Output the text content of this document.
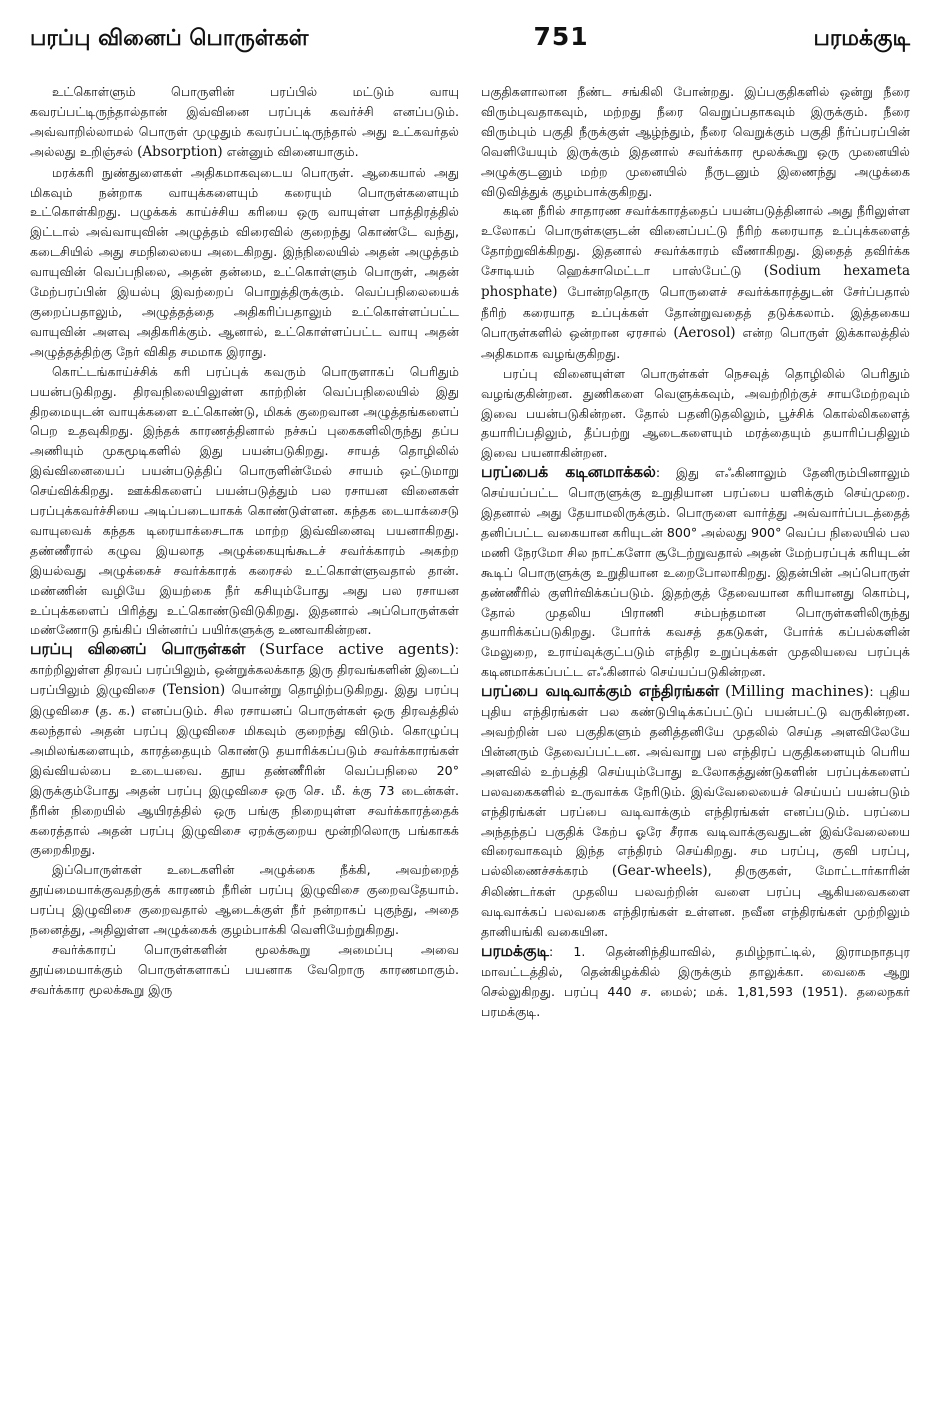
பரப்பு வினைப் பொருள்கள்	751	பரமக்குடி

உட்கொள்ளும் பொருளின் பரப்பில் மட்டும் வாயு கவரப்பட்டிருந்தால்தான் இவ்வினை பரப்புக் கவர்ச்சி எனப்படும். அவ்வாறில்லாமல் பொருள் முழுதும் கவரப்பட்டிருந்தால் அது உட்கவர்தல் அல்லது உறிஞ்சல் (Absorption) என்னும் வினையாகும்.

மரக்கரி நுண்துளைகள் அதிகமாகவுடைய பொருள். ஆகையால் அது மிகவும் நன்றாக வாயுக்களையும் கரையும் பொருள்களையும் உட்கொள்கிறது. பழுக்கக் காய்ச்சிய கரியை ஒரு வாயுள்ள பாத்திரத்தில் இட்டால் அவ்வாயுவின் அழுத்தம் விரைவில் குறைந்து கொண்டே வந்து, கடைசியில் அது சமநிலையை அடைகிறது. இந்நிலையில் அதன் அழுத்தம் வாயுவின் வெப்பநிலை, அதன் தன்மை, உட்கொள்ளும் பொருள், அதன் மேற்பரப்பின் இயல்பு இவற்றைப் பொறுத்திருக்கும். வெப்பநிலையைக் குறைப்பதாலும், அழுத்தத்தை அதிகரிப்பதாலும் உட்கொள்ளப்பட்ட வாயுவின் அளவு அதிகரிக்கும். ஆனால், உட்கொள்ளப்பட்ட வாயு அதன் அழுத்தத்திற்கு நேர் விகித சமமாக இராது.

கொட்டங்காய்ச்சிக் கரி பரப்புக் கவரும் பொருளாகப் பெரிதும் பயன்படுகிறது. திரவநிலையிலுள்ள காற்றின் வெப்பநிலையில் இது திறமையுடன் வாயுக்களை உட்கொண்டு, மிகக் குறைவான அழுத்தங்களைப் பெற உதவுகிறது. இந்தக் காரணத்தினால் நச்சுப் புகைகளிலிருந்து தப்ப அணியும் முகமூடிகளில் இது பயன்படுகிறது. சாயத் தொழிலில் இவ்வினையைப் பயன்படுத்திப் பொருளின்மேல் சாயம் ஒட்டுமாறு செய்விக்கிறது. ஊக்கிகளைப் பயன்படுத்தும் பல ரசாயன வினைகள் பரப்புக்கவர்ச்சியை அடிப்படையாகக் கொண்டுள்ளன. கந்தக டையாக்சைடு வாயுவைக் கந்தக டிரையாக்சைடாக மாற்ற இவ்வினைவு பயனாகிறது. தண்ணீரால் கழுவ இயலாத அழுக்கையுங்கூடச் சவர்க்காரம் அகற்ற இயல்வது அழுக்கைச் சவர்க்காரக் கரைசல் உட்கொள்ளுவதால் தான். மண்ணின் வழியே இயற்கை நீர் கசியும்போது அது பல ரசாயன உப்புக்களைப் பிரித்து உட்கொண்டுவிடுகிறது. இதனால் அப்பொருள்கள் மண்ணோடு தங்கிப் பின்னர்ப் பயிர்களுக்கு உணவாகின்றன.

பரப்பு வினைப் பொருள்கள் (Surface active agents): காற்றிலுள்ள திரவப் பரப்பிலும், ஒன்றுக்கலக்காத இரு திரவங்களின் இடைப் பரப்பிலும் இழுவிசை (Tension) யொன்று தொழிற்படுகிறது. இது பரப்பு இழுவிசை (த. க.) எனப்படும். சில ரசாயனப் பொருள்கள் ஒரு திரவத்தில் கலந்தால் அதன் பரப்பு இழுவிசை மிகவும் குறைந்து விடும். கொழுப்பு அமிலங்களையும், காரத்தையும் கொண்டு தயாரிக்கப்படும் சவர்க்காரங்கள் இவ்வியல்பை உடையவை. தூய தண்ணீரின் வெப்பநிலை 20° இருக்கும்போது அதன் பரப்பு இழுவிசை ஒரு செ. மீ. க்கு 73 டைன்கள். நீரின் நிறையில் ஆயிரத்தில் ஒரு பங்கு நிறையுள்ள சவர்க்காரத்தைக் கரைத்தால் அதன் பரப்பு இழுவிசை ஏறக்குறைய மூன்றிலொரு பங்காகக் குறைகிறது.

இப்பொருள்கள் உடைகளின் அழுக்கை நீக்கி, அவற்றைத் தூய்மையாக்குவதற்குக் காரணம் நீரின் பரப்பு இழுவிசை குறைவதேயாம். பரப்பு இழுவிசை குறைவதால் ஆடைக்குள் நீர் நன்றாகப் புகுந்து, அதை நனைத்து, அதிலுள்ள அழுக்கைக் குழம்பாக்கி வெளியேற்றுகிறது.

சவர்க்காரப் பொருள்களின் மூலக்கூறு அமைப்பு அவை தூய்மையாக்கும் பொருள்களாகப் பயனாக வேறொரு காரணமாகும். சவர்க்கார மூலக்கூறு இரு

பகுதிகளாலான நீண்ட சங்கிலி போன்றது. இப்பகுதிகளில் ஒன்று நீரை விரும்புவதாகவும், மற்றது நீரை வெறுப்பதாகவும் இருக்கும். நீரை விரும்பும் பகுதி நீருக்குள் ஆழ்ந்தும், நீரை வெறுக்கும் பகுதி நீர்ப்பரப்பின் வெளியேயும் இருக்கும் இதனால் சவர்க்கார மூலக்கூறு ஒரு முனையில் அழுக்குடனும் மற்ற முனையில் நீருடனும் இணைந்து அழுக்கை விடுவித்துக் குழம்பாக்குகிறது.

கடின நீரில் சாதாரண சவர்க்காரத்தைப் பயன்படுத்தினால் அது நீரிலுள்ள உலோகப் பொருள்களுடன் வினைப்பட்டு நீரிற் கரையாத உப்புக்களைத் தோற்றுவிக்கிறது. இதனால் சவர்க்காரம் வீணாகிறது. இதைத் தவிர்க்க சோடியம் ஹெக்சாமெட்டா பாஸ்பேட்டு (Sodium hexameta phosphate) போன்றதொரு பொருளைச் சவர்க்காரத்துடன் சேர்ப்பதால் நீரிற் கரையாத உப்புக்கள் தோன்றுவதைத் தடுக்கலாம். இத்தகைய பொருள்களில் ஒன்றான ஏரசால் (Aerosol) என்ற பொருள் இக்காலத்தில் அதிகமாக வழங்குகிறது.

பரப்பு வினையுள்ள பொருள்கள் நெசவுத் தொழிலில் பெரிதும் வழங்குகின்றன. துணிகளை வெளுக்கவும், அவற்றிற்குச் சாயமேற்றவும் இவை பயன்படுகின்றன. தோல் பதனிடுதலிலும், பூச்சிக் கொல்லிகளைத் தயாரிப்பதிலும், தீப்பற்று ஆடைகளையும் மரத்தையும் தயாரிப்பதிலும் இவை பயனாகின்றன.

பரப்பைக் கடினமாக்கல்: இது எஃகினாலும் தேனிரும்பினாலும் செய்யப்பட்ட பொருளுக்கு உறுதியான பரப்பை யளிக்கும் செய்முறை. இதனால் அது தேயாமலிருக்கும். பொருளை வார்த்து அவ்வார்ப்படத்தைத் தனிப்பட்ட வகையான கரியுடன் 800° அல்லது 900° வெப்ப நிலையில் பல மணி நேரமோ சில நாட்களோ சூடேற்றுவதால் அதன் மேற்பரப்புக் கரியுடன் கூடிப் பொருளுக்கு உறுதியான உறைபோலாகிறது. இதன்பின் அப்பொருள் தண்ணீரில் குளிர்விக்கப்படும். இதற்குத் தேவையான கரியானது கொம்பு, தோல் முதலிய பிராணி சம்பந்தமான பொருள்களிலிருந்து தயாரிக்கப்படுகிறது. போர்க் கவசத் தகடுகள், போர்க் கப்பல்களின் மேலுறை, உராய்வுக்குட்படும் எந்திர உறுப்புக்கள் முதலியவை பரப்புக் கடினமாக்கப்பட்ட எஃகினால் செய்யப்படுகின்றன.

பரப்பை வடிவாக்கும் எந்திரங்கள் (Milling machines): புதிய புதிய எந்திரங்கள் பல கண்டுபிடிக்கப்பட்டுப் பயன்பட்டு வருகின்றன. அவற்றின் பல பகுதிகளும் தனித்தனியே முதலில் செய்த அளவிலேயே பின்னரும் தேவைப்பட்டன. அவ்வாறு பல எந்திரப் பகுதிகளையும் பெரிய அளவில் உற்பத்தி செய்யும்போது உலோகத்துண்டுகளின் பரப்புக்களைப் பலவகைகளில் உருவாக்க நேரிடும். இவ்வேலையைச் செய்யப் பயன்படும் எந்திரங்கள் பரப்பை வடிவாக்கும் எந்திரங்கள் எனப்படும். பரப்பை அந்தந்தப் பகுதிக் கேற்ப ஓரே சீராக வடிவாக்குவதுடன் இவ்வேலையை விரைவாகவும் இந்த எந்திரம் செய்கிறது. சம பரப்பு, குவி பரப்பு, பல்லிணைச்சக்கரம் (Gear-wheels), திருகுகள், மோட்டார்காரின் சிலிண்டர்கள் முதலிய பலவற்றின் வளை பரப்பு ஆகியவைகளை வடிவாக்கப் பலவகை எந்திரங்கள் உள்ளன. நவீன எந்திரங்கள் முற்றிலும் தானியங்கி வகையின.

பரமக்குடி: 1. தென்னிந்தியாவில், தமிழ்நாட்டில், இராமநாதபுர மாவட்டத்தில், தென்கிழக்கில் இருக்கும் தாலுக்கா. வைகை ஆறு செல்லுகிறது. பரப்பு 440 ச. மைல்; மக். 1,81,593 (1951). தலைநகர் பரமக்குடி.
